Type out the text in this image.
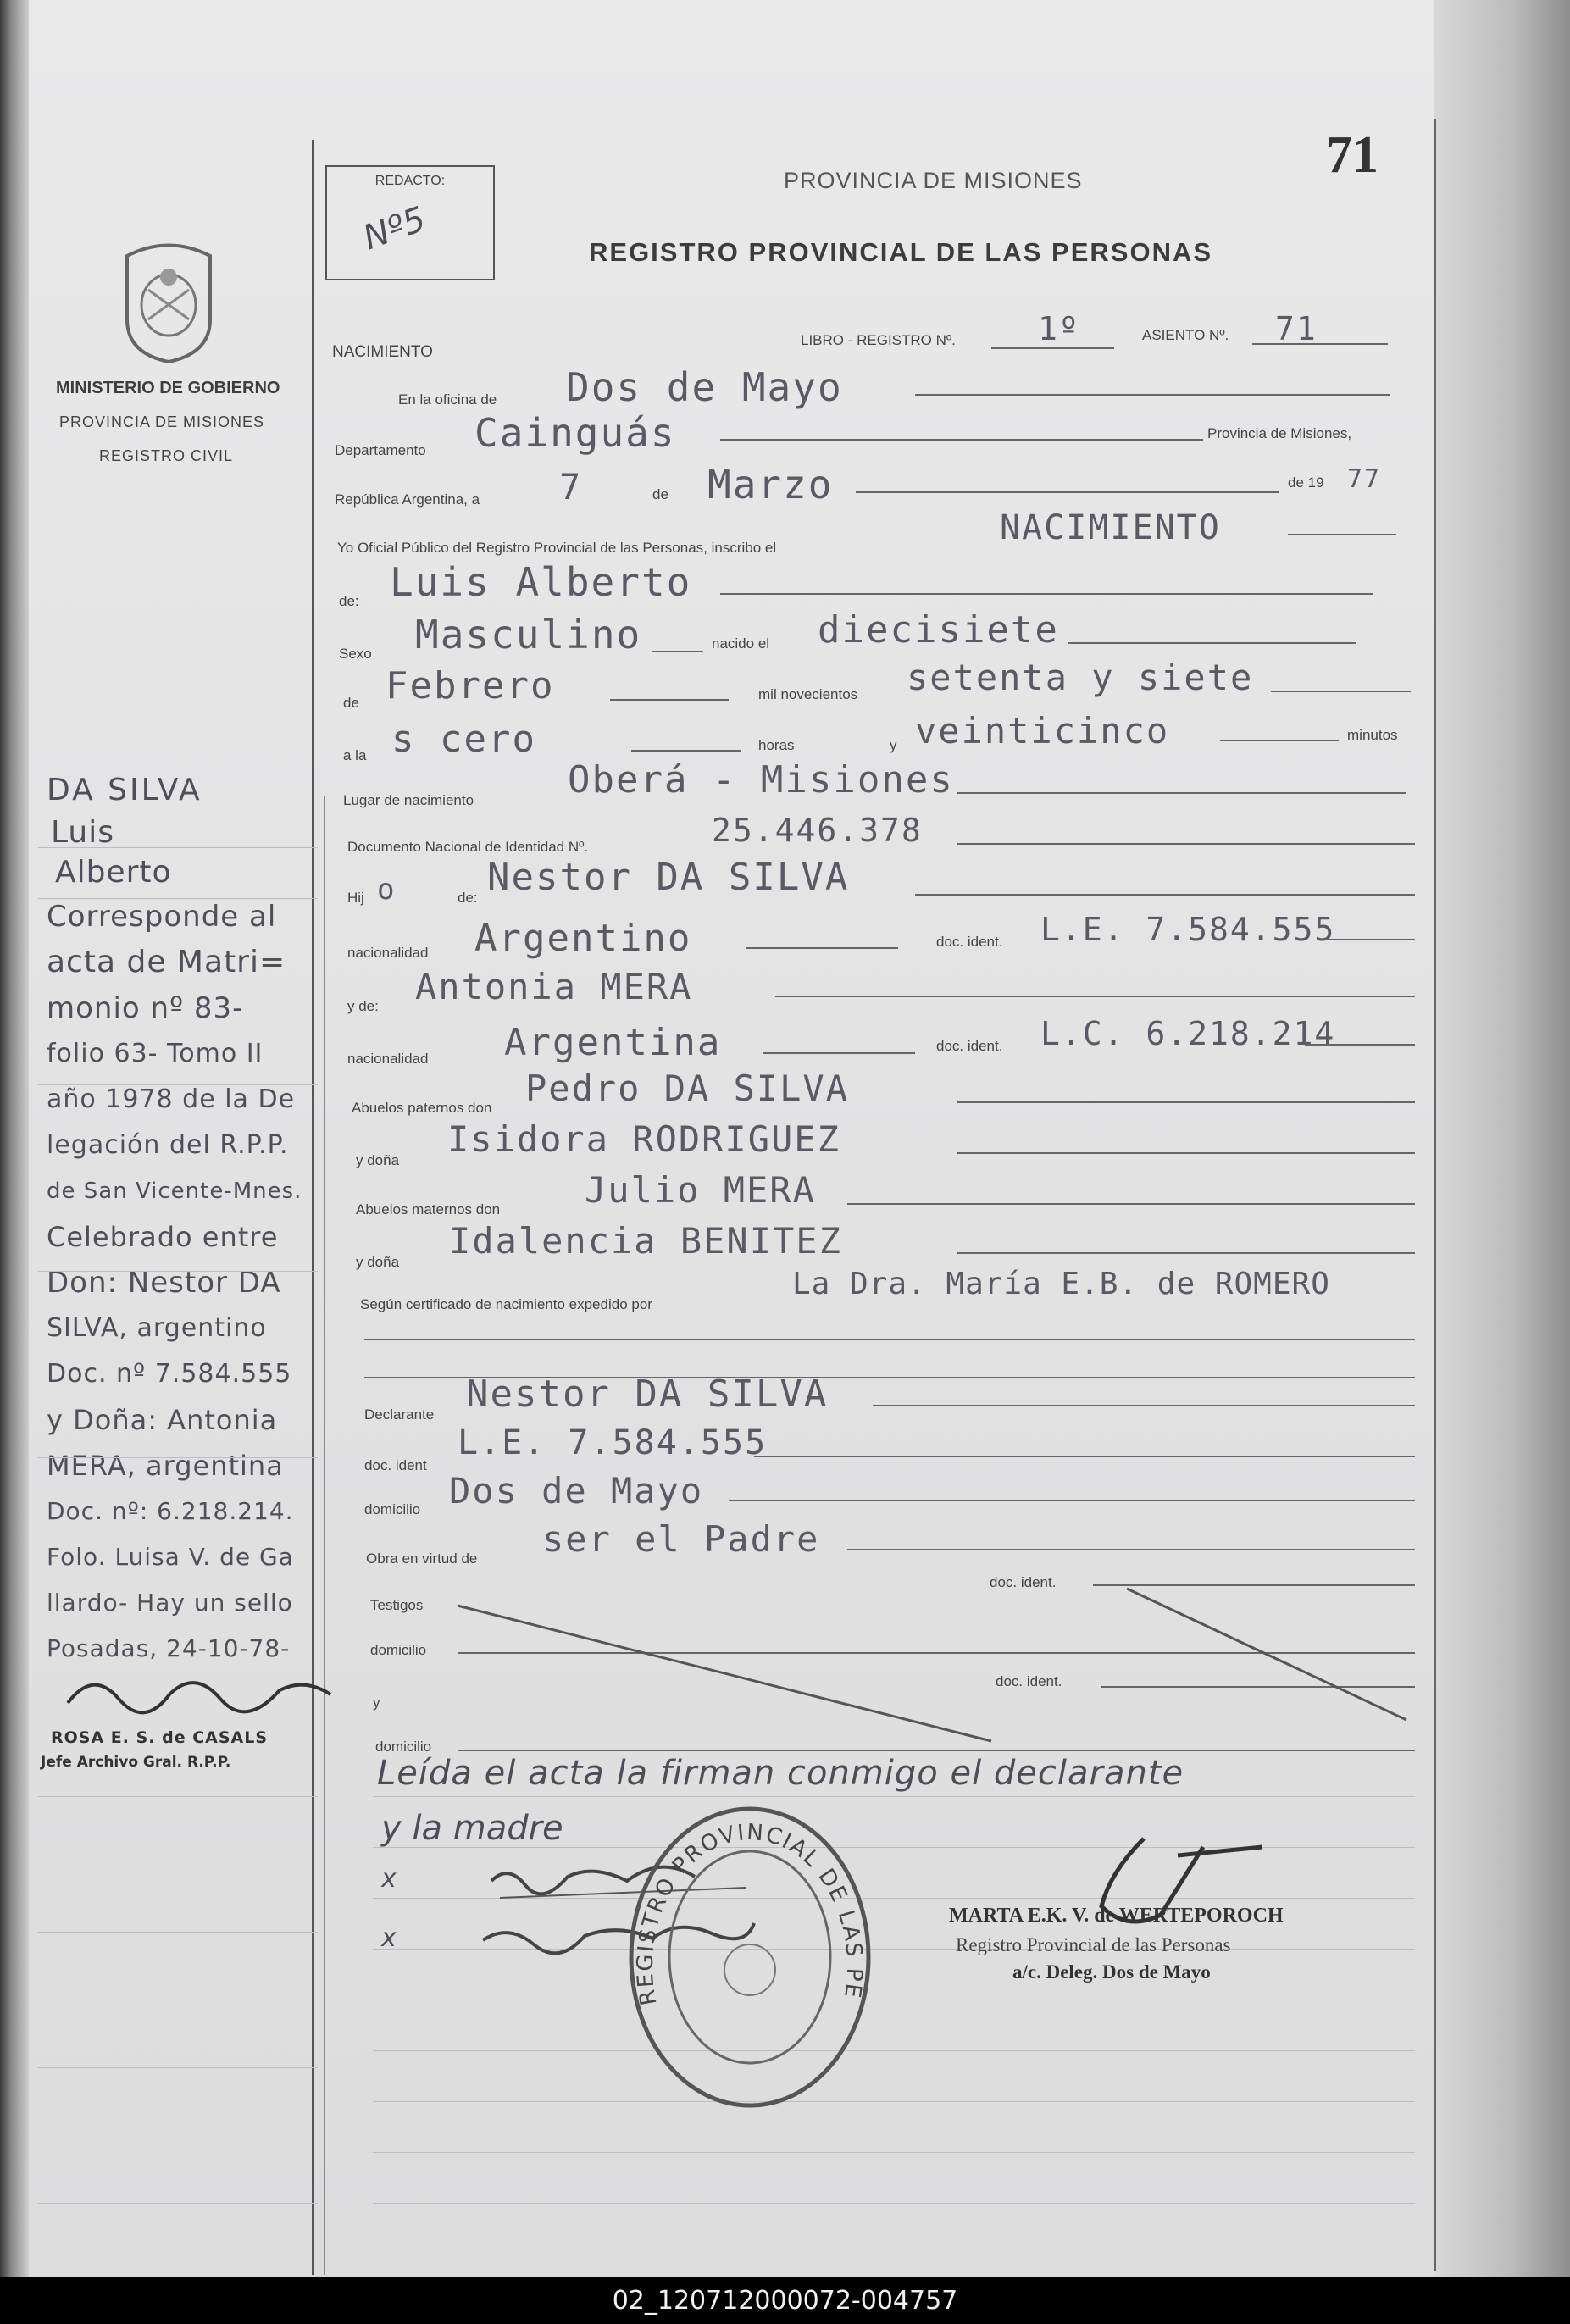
71
REDACTO:
Nº5
PROVINCIA DE MISIONES
REGISTRO PROVINCIAL DE LAS PERSONAS
MINISTERIO DE GOBIERNO
PROVINCIA DE MISIONES
REGISTRO CIVIL
NACIMIENTO
LIBRO - REGISTRO Nº.	1º	ASIENTO Nº. 71
En la oficina de Dos de Mayo
Departamento Cainguás	Provincia de Misiones,
República Argentina, a 7	de Marzo	de 19 77
Yo Oficial Público del Registro Provincial de las Personas, inscribo el
NACIMIENTO
de: Luis Alberto
Sexo Masculino	nacido el diecisiete
de Febrero	mil novecientos setenta y siete
a la s cero	horas	y veinticinco	minutos
Lugar de nacimiento	Oberá - Misiones
Documento Nacional de Identidad Nº.	25.446.378
Hij o	de: Nestor DA SILVA
nacionalidad Argentino	doc. ident. L.E. 7.584.555
y de: Antonia MERA
nacionalidad Argentina	doc. ident. L.C. 6.218.214
Abuelos paternos don Pedro DA SILVA
y doña
Isidora RODRIGUEZ
Abuelos maternos don Julio MERA
y doña
Idalencia BENITEZ
Según certificado de nacimiento expedido por
La Dra. María E.B. de ROMERO
Declarante Nestor DA SILVA
doc. ident
L.E. 7.584.555
domicilio Dos de Mayo
Obra en virtud de ser el Padre
Testigos
doc. ident.
domicilio
y
doc. ident.
domicilio
Leída el acta la firman conmigo el declarante
y la madre
x
x
REGISTRO PROVINCIAL DE LAS PE
MARTA E.K. V. de WERTEPOROCH
Registro Provincial de las Personas
a/c. Deleg. Dos de Mayo
DA SILVA
Luis
Alberto
Corresponde al
acta de Matri=
monio nº 83-
folio 63- Tomo II
año 1978 de la De
legación del R.P.P.
de San Vicente-Mnes.
Celebrado entre
Don: Nestor DA
SILVA, argentino
Doc. nº 7.584.555
y Doña: Antonia
MERA, argentina
Doc. nº: 6.218.214.
Folo. Luisa V. de Ga
llardo- Hay un sello
Posadas, 24-10-78-
ROSA E. S. de CASALS
Jefe Archivo Gral. R.P.P.
02_120712000072-004757
